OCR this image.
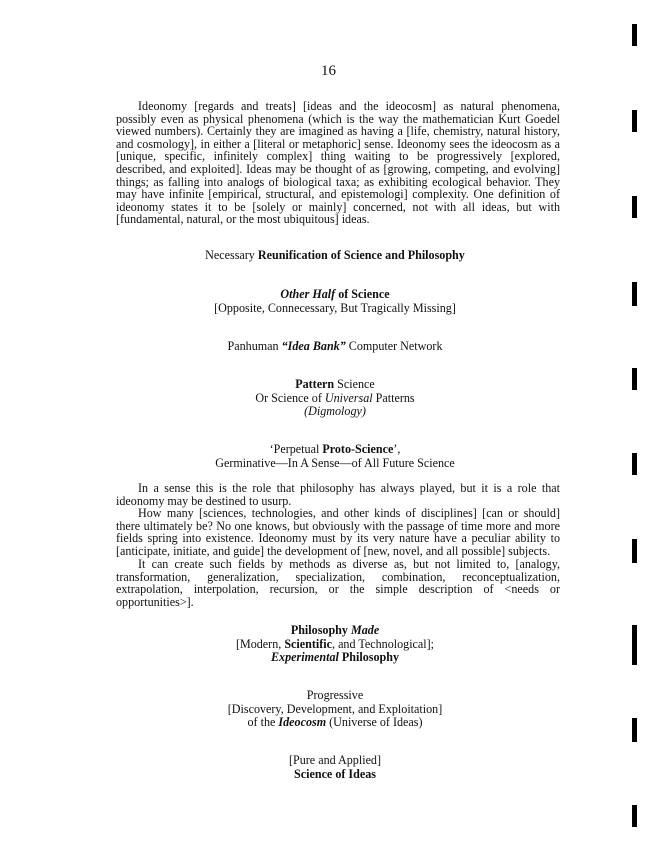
16

Ideonomy [regards and treats] [ideas and the ideocosm] as natural phenomena, possibly even as physical phenomena (which is the way the mathematician Kurt Goedel viewed numbers). Certainly they are imagined as having a [life, chemistry, natural history, and cosmology], in either a [literal or metaphoric] sense. Ideonomy sees the ideocosm as a [unique, specific, infinitely complex] thing waiting to be progressively [explored, described, and exploited]. Ideas may be thought of as [growing, competing, and evolving] things; as falling into analogs of biological taxa; as exhibiting ecological behavior. They may have infinite [empirical, structural, and epistemologi] complexity. One definition of ideonomy states it to be [solely or mainly] concerned, not with all ideas, but with [fundamental, natural, or the most ubiquitous] ideas.

Necessary Reunification of Science and Philosophy
Other Half of Science
[Opposite, Connecessary, But Tragically Missing]
Panhuman “Idea Bank” Computer Network
Pattern Science
Or Science of Universal Patterns
(Digmology)
‘Perpetual Proto-Science’,
Germinative—In A Sense—of All Future Science

In a sense this is the role that philosophy has always played, but it is a role that ideonomy may be destined to usurp.

How many [sciences, technologies, and other kinds of disciplines] [can or should] there ultimately be? No one knows, but obviously with the passage of time more and more fields spring into existence. Ideonomy must by its very nature have a peculiar ability to [anticipate, initiate, and guide] the development of [new, novel, and all possible] subjects.

It can create such fields by methods as diverse as, but not limited to, [analogy, transformation, generalization, specialization, combination, reconceptualization, extrapolation, interpolation, recursion, or the simple description of <needs or opportunities>].

Philosophy Made
[Modern, Scientific, and Technological];
Experimental Philosophy
Progressive
[Discovery, Development, and Exploitation]
of the Ideocosm (Universe of Ideas)
[Pure and Applied]
Science of Ideas
